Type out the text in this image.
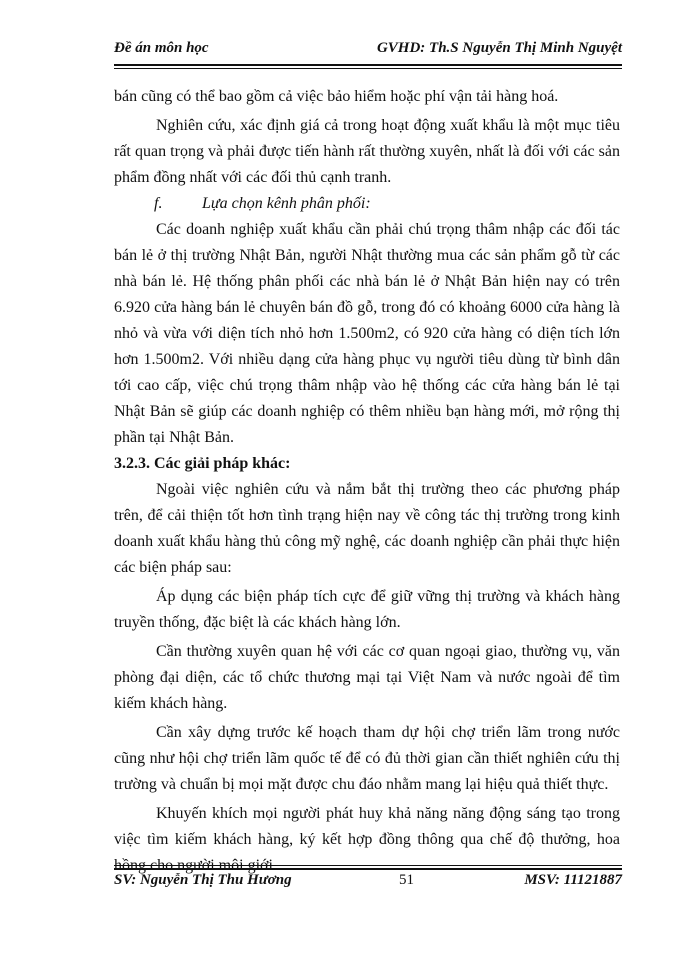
Đề án môn học	GVHD: Th.S Nguyễn Thị Minh Nguyệt

bán cũng có thể bao gồm cả việc bảo hiểm hoặc phí vận tải hàng hoá.

Nghiên cứu, xác định giá cả trong hoạt động xuất khẩu là một mục tiêu rất quan trọng và phải được tiến hành rất thường xuyên, nhất là đối với các sản phẩm đồng nhất với các đối thủ cạnh tranh.

f. Lựa chọn kênh phân phối:

Các doanh nghiệp xuất khẩu cần phải chú trọng thâm nhập các đối tác bán lẻ ở thị trường Nhật Bản, người Nhật thường mua các sản phẩm gỗ từ các nhà bán lẻ. Hệ thống phân phối các nhà bán lẻ ở Nhật Bản hiện nay có trên 6.920 cửa hàng bán lẻ chuyên bán đồ gỗ, trong đó có khoảng 6000 cửa hàng là nhỏ và vừa với diện tích nhỏ hơn 1.500m2, có 920 cửa hàng có diện tích lớn hơn 1.500m2. Với nhiều dạng cửa hàng phục vụ người tiêu dùng từ bình dân tới cao cấp, việc chú trọng thâm nhập vào hệ thống các cửa hàng bán lẻ tại Nhật Bản sẽ giúp các doanh nghiệp có thêm nhiều bạn hàng mới, mở rộng thị phần tại Nhật Bản.

3.2.3. Các giải pháp khác:

Ngoài việc nghiên cứu và nắm bắt thị trường theo các phương pháp trên, để cải thiện tốt hơn tình trạng hiện nay về công tác thị trường trong kinh doanh xuất khẩu hàng thủ công mỹ nghệ, các doanh nghiệp cần phải thực hiện các biện pháp sau:

Áp dụng các biện pháp tích cực để giữ vững thị trường và khách hàng truyền thống, đặc biệt là các khách hàng lớn.

Cần thường xuyên quan hệ với các cơ quan ngoại giao, thường vụ, văn phòng đại diện, các tổ chức thương mại tại Việt Nam và nước ngoài để tìm kiếm khách hàng.

Cần xây dựng trước kế hoạch tham dự hội chợ triển lãm trong nước cũng như hội chợ triển lãm quốc tế để có đủ thời gian cần thiết nghiên cứu thị trường và chuẩn bị mọi mặt được chu đáo nhằm mang lại hiệu quả thiết thực.

Khuyến khích mọi người phát huy khả năng năng động sáng tạo trong việc tìm kiếm khách hàng, ký kết hợp đồng thông qua chế độ thưởng, hoa

SV: Nguyễn Thị Thu Hương	51	MSV: 11121887
